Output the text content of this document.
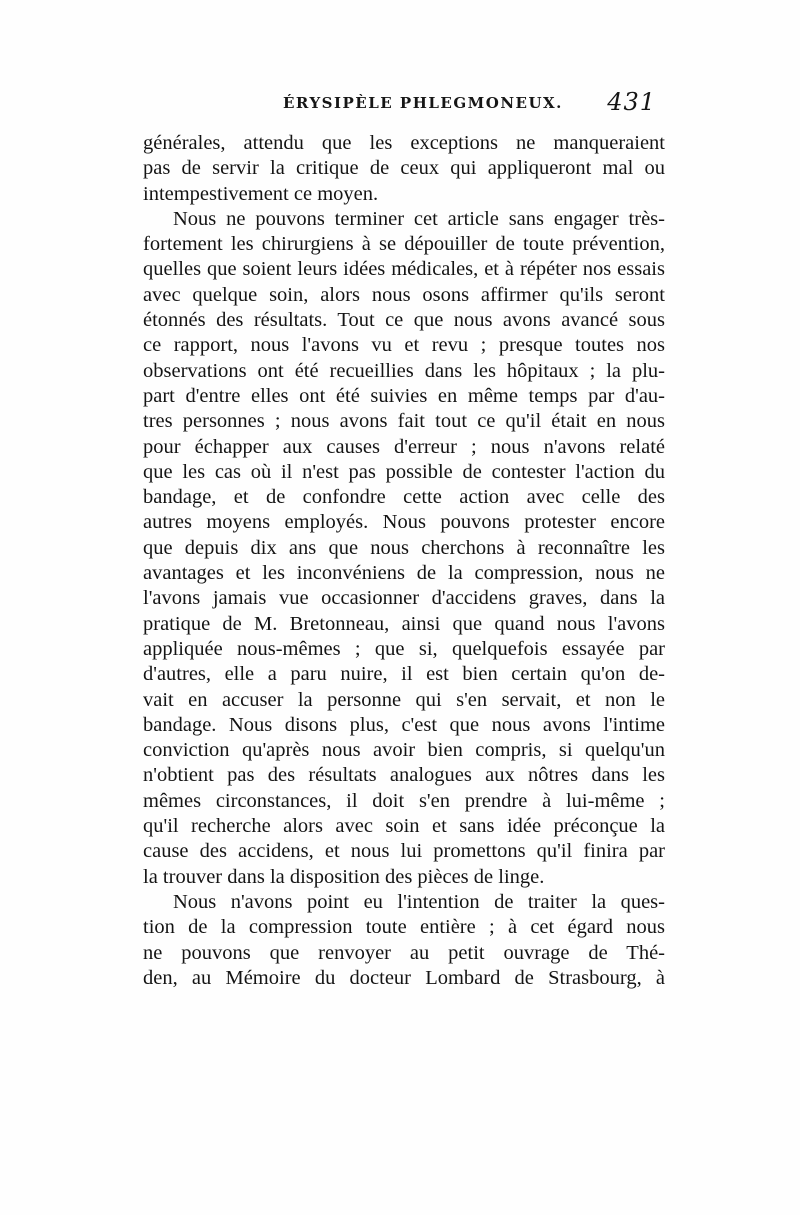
ÉRYSIPÈLE PHLEGMONEUX. 431
générales, attendu que les exceptions ne manqueraient
pas de servir la critique de ceux qui appliqueront mal ou
intempestivement ce moyen.
Nous ne pouvons terminer cet article sans engager très-
fortement les chirurgiens à se dépouiller de toute prévention,
quelles que soient leurs idées médicales, et à répéter nos essais
avec quelque soin, alors nous osons affirmer qu'ils seront
étonnés des résultats. Tout ce que nous avons avancé sous
ce rapport, nous l'avons vu et revu ; presque toutes nos
observations ont été recueillies dans les hôpitaux ; la plu-
part d'entre elles ont été suivies en même temps par d'au-
tres personnes ; nous avons fait tout ce qu'il était en nous
pour échapper aux causes d'erreur ; nous n'avons relaté
que les cas où il n'est pas possible de contester l'action du
bandage, et de confondre cette action avec celle des
autres moyens employés. Nous pouvons protester encore
que depuis dix ans que nous cherchons à reconnaître les
avantages et les inconvéniens de la compression, nous ne
l'avons jamais vue occasionner d'accidens graves, dans la
pratique de M. Bretonneau, ainsi que quand nous l'avons
appliquée nous-mêmes ; que si, quelquefois essayée par
d'autres, elle a paru nuire, il est bien certain qu'on de-
vait en accuser la personne qui s'en servait, et non le
bandage. Nous disons plus, c'est que nous avons l'intime
conviction qu'après nous avoir bien compris, si quelqu'un
n'obtient pas des résultats analogues aux nôtres dans les
mêmes circonstances, il doit s'en prendre à lui-même ;
qu'il recherche alors avec soin et sans idée préconçue la
cause des accidens, et nous lui promettons qu'il finira par
la trouver dans la disposition des pièces de linge.
Nous n'avons point eu l'intention de traiter la ques-
tion de la compression toute entière ; à cet égard nous
ne pouvons que renvoyer au petit ouvrage de Thé-
den, au Mémoire du docteur Lombard de Strasbourg, à
